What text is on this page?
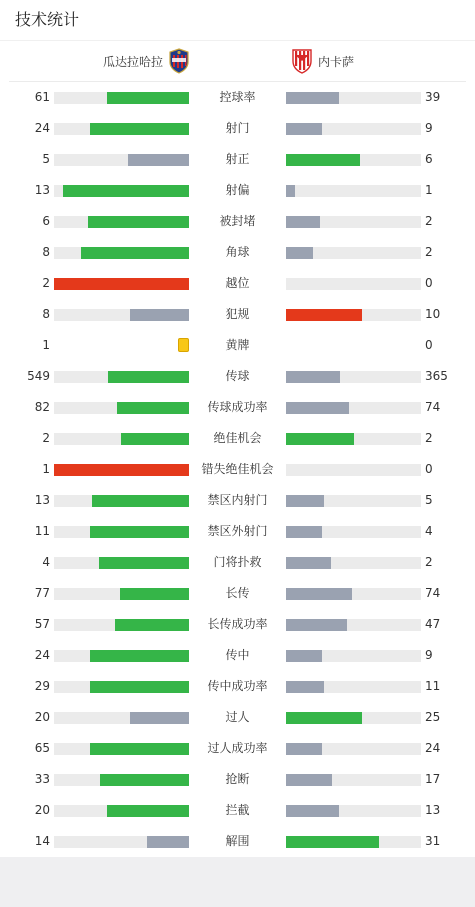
技术统计
瓜达拉哈拉	内卡萨
61	控球率	39
24	射门	9
5	射正	6
13	射偏	1
6	被封堵	2
8	角球	2
2	越位	0
8	犯规	10
1	黄牌	0
549	传球	365
82	传球成功率	74
2	绝佳机会	2
1	错失绝佳机会	0
13	禁区内射门	5
11	禁区外射门	4
4	门将扑救	2
77	长传	74
57	长传成功率	47
24	传中	9
29	传中成功率	11
20	过人	25
65	过人成功率	24
33	抢断	17
20	拦截	13
14	解围	31
